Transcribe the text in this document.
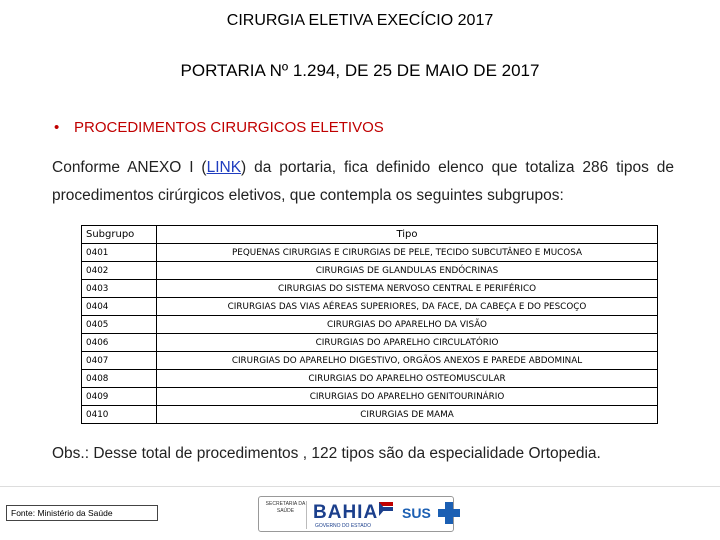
CIRURGIA ELETIVA EXECÍCIO 2017
PORTARIA Nº 1.294, DE 25 DE MAIO DE 2017
• PROCEDIMENTOS CIRURGICOS ELETIVOS
Conforme ANEXO I (LINK) da portaria, fica definido elenco que totaliza 286 tipos de procedimentos cirúrgicos eletivos, que contempla os seguintes subgrupos:
Subgrupo	Tipo
0401	PEQUENAS CIRURGIAS E CIRURGIAS DE PELE, TECIDO SUBCUTÂNEO E MUCOSA
0402	CIRURGIAS DE GLANDULAS ENDÓCRINAS
0403	CIRURGIAS DO SISTEMA NERVOSO CENTRAL E PERIFÉRICO
0404	CIRURGIAS DAS VIAS AÉREAS SUPERIORES, DA FACE, DA CABEÇA E DO PESCOÇO
0405	CIRURGIAS DO APARELHO DA VISÃO
0406	CIRURGIAS DO APARELHO CIRCULATÓRIO
0407	CIRURGIAS DO APARELHO DIGESTIVO, ORGÃOS ANEXOS E PAREDE ABDOMINAL
0408	CIRURGIAS DO APARELHO OSTEOMUSCULAR
0409	CIRURGIAS DO APARELHO GENITOURINÁRIO
0410	CIRURGIAS DE MAMA
Obs.: Desse total de procedimentos , 122 tipos são da especialidade Ortopedia.
Fonte: Ministério da Saúde
SECRETARIA DA SAÚDE BAHIA
GOVERNO DO ESTADO
SUS
